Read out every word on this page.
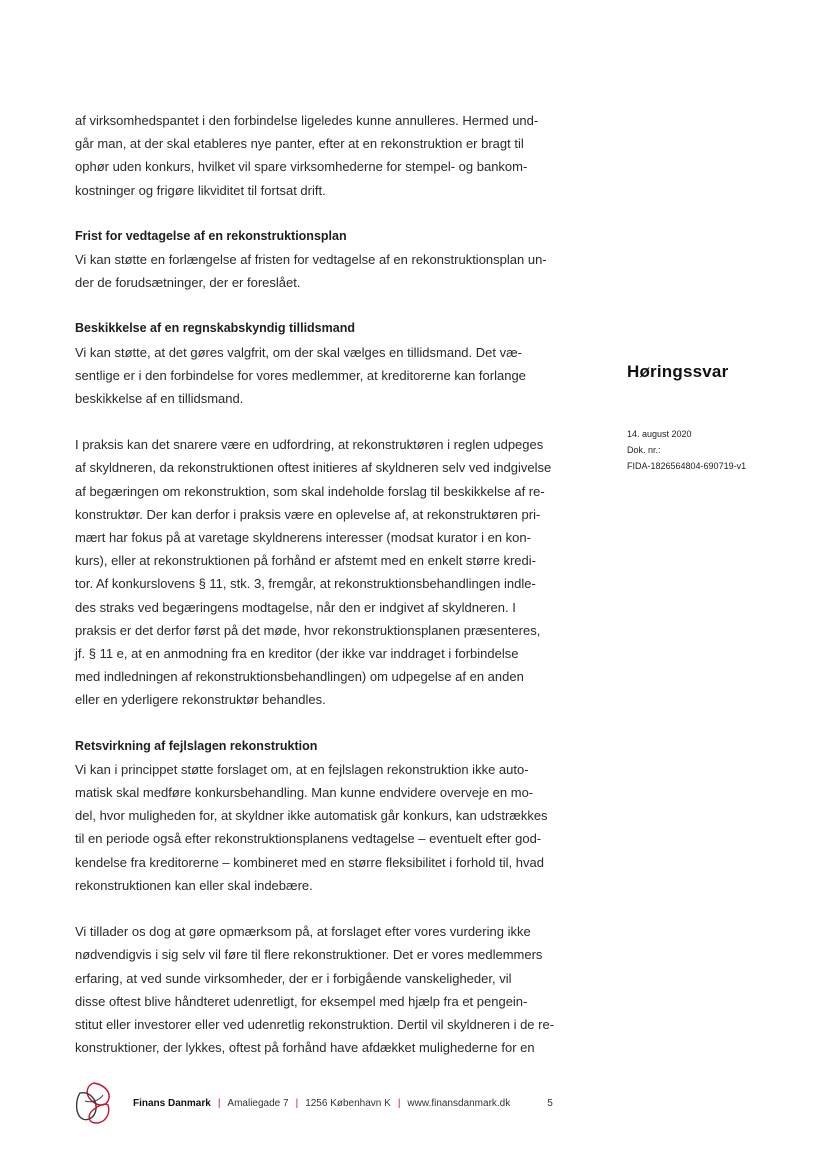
af virksomhedspantet i den forbindelse ligeledes kunne annulleres. Hermed und-

går man, at der skal etableres nye panter, efter at en rekonstruktion er bragt til

ophør uden konkurs, hvilket vil spare virksomhederne for stempel- og bankom-

kostninger og frigøre likviditet til fortsat drift.

Frist for vedtagelse af en rekonstruktionsplan

Vi kan støtte en forlængelse af fristen for vedtagelse af en rekonstruktionsplan un-

der de forudsætninger, der er foreslået.

Beskikkelse af en regnskabskyndig tillidsmand

Vi kan støtte, at det gøres valgfrit, om der skal vælges en tillidsmand. Det væ-

sentlige er i den forbindelse for vores medlemmer, at kreditorerne kan forlange

beskikkelse af en tillidsmand.

I praksis kan det snarere være en udfordring, at rekonstruktøren i reglen udpeges

af skyldneren, da rekonstruktionen oftest initieres af skyldneren selv ved indgivelse

af begæringen om rekonstruktion, som skal indeholde forslag til beskikkelse af re-

konstruktør. Der kan derfor i praksis være en oplevelse af, at rekonstruktøren pri-

mært har fokus på at varetage skyldnerens interesser (modsat kurator i en kon-

kurs), eller at rekonstruktionen på forhånd er afstemt med en enkelt større kredi-

tor. Af konkurslovens § 11, stk. 3, fremgår, at rekonstruktionsbehandlingen indle-

des straks ved begæringens modtagelse, når den er indgivet af skyldneren. I

praksis er det derfor først på det møde, hvor rekonstruktionsplanen præsenteres,

jf. § 11 e, at en anmodning fra en kreditor (der ikke var inddraget i forbindelse

med indledningen af rekonstruktionsbehandlingen) om udpegelse af en anden

eller en yderligere rekonstruktør behandles.

Retsvirkning af fejlslagen rekonstruktion

Vi kan i princippet støtte forslaget om, at en fejlslagen rekonstruktion ikke auto-

matisk skal medføre konkursbehandling. Man kunne endvidere overveje en mo-

del, hvor muligheden for, at skyldner ikke automatisk går konkurs, kan udstrækkes

til en periode også efter rekonstruktionsplanens vedtagelse – eventuelt efter god-

kendelse fra kreditorerne – kombineret med en større fleksibilitet i forhold til, hvad

rekonstruktionen kan eller skal indebære.

Vi tillader os dog at gøre opmærksom på, at forslaget efter vores vurdering ikke

nødvendigvis i sig selv vil føre til flere rekonstruktioner. Det er vores medlemmers

erfaring, at ved sunde virksomheder, der er i forbigående vanskeligheder, vil

disse oftest blive håndteret udenretligt, for eksempel med hjælp fra et pengein-

stitut eller investorer eller ved udenretlig rekonstruktion. Dertil vil skyldneren i de re-

konstruktioner, der lykkes, oftest på forhånd have afdækket mulighederne for en

Høringssvar

14. august 2020

Dok. nr.:

FIDA-1826564804-690719-v1

Finans Danmark | Amaliegade 7 | 1256 København K | www.finansdanmark.dk	5
